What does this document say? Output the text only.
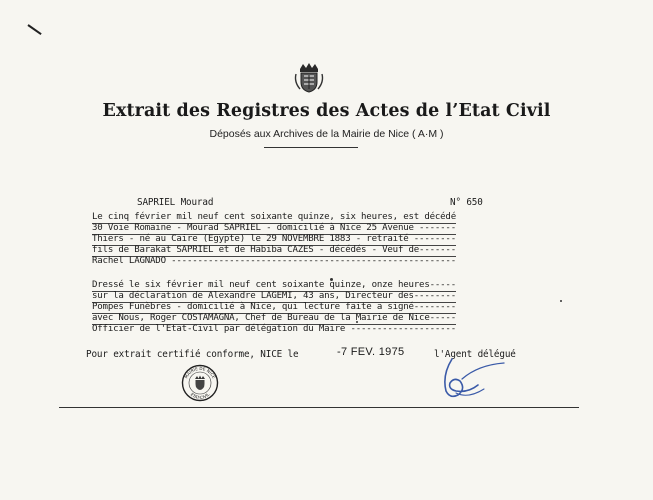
Extrait des Registres des Actes de l’Etat Civil
Déposés aux Archives de la Mairie de Nice ( A·M )
SAPRIEL Mourad	N° 650
Le cinq février mil neuf cent soixante quinze, six heures, est décédé
30 Voie Romaine - Mourad SAPRIEL - domicilié à Nice 25 Avenue -------
Thiers - né au Caire (Egypte) le 29 NOVEMBRE 1883 - retraité --------
fils de Barakat SAPRIEL et de Habiba CAZES - décédés - Veuf de-------
Rachel LAGNADO ------------------------------------------------------
Dressé le six février mil neuf cent soixante quinze, onze heures-----
sur la déclaration de Alexandre LAGEMI, 43 ans, Directeur des--------
Pompes Funèbres - domicilié à Nice, qui lecture faite a signé--------
avec Nous, Roger COSTAMAGNA, Chef de Bureau de la Mairie de Nice-----
Officier de l'Etat-Civil par délégation du Maire --------------------
Pour extrait certifié conforme, NICE le	-7 FEV. 1975	l'Agent délégué
MAIRIE DE NICE
ETAT-CIVIL
